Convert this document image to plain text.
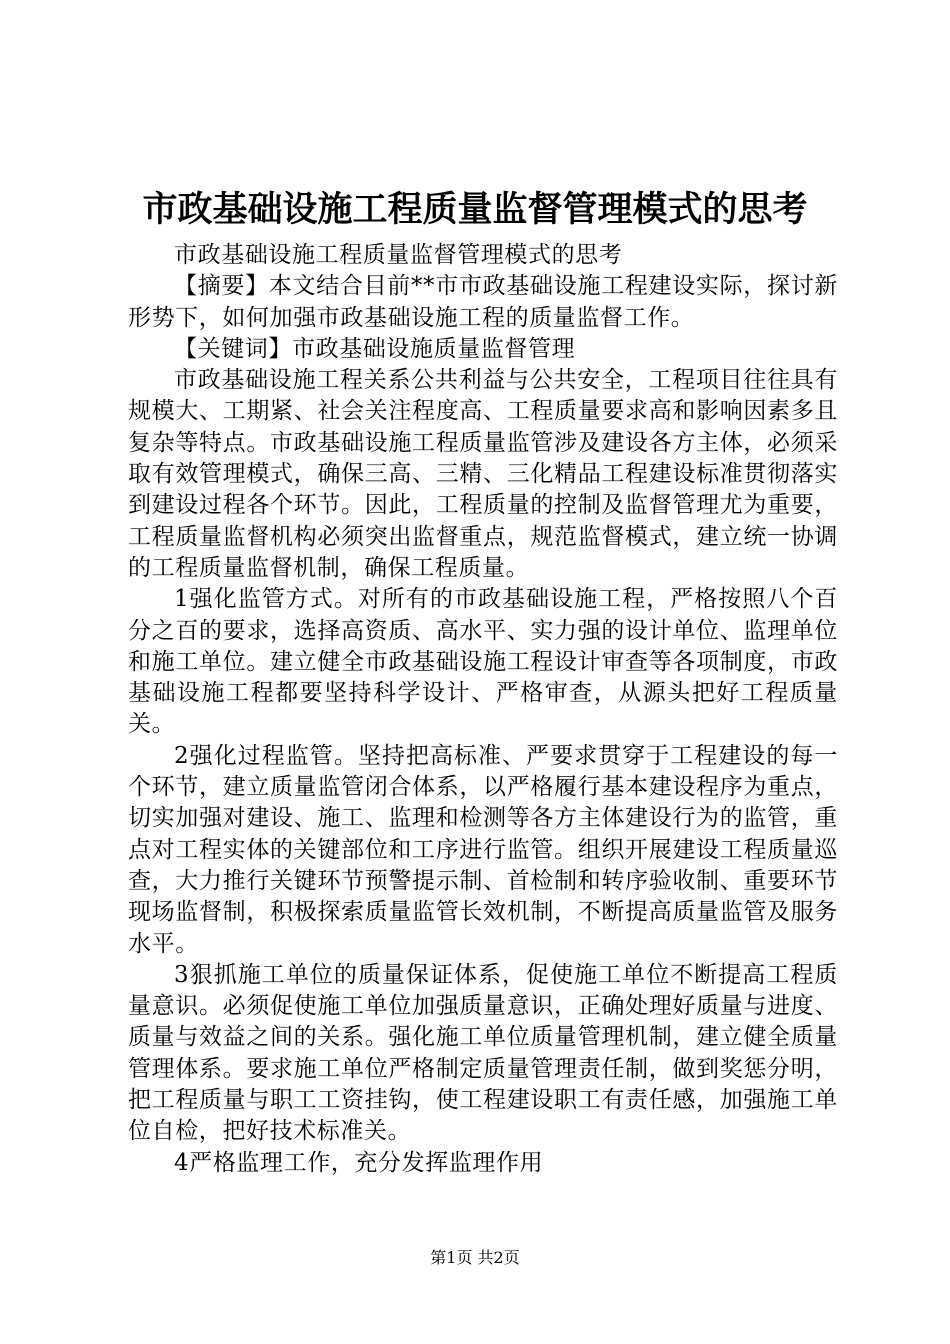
市政基础设施工程质量监督管理模式的思考

市政基础设施工程质量监督管理模式的思考

【摘要】本文结合目前**市市政基础设施工程建设实际，探讨新形势下，如何加强市政基础设施工程的质量监督工作。

【关键词】市政基础设施质量监督管理

市政基础设施工程关系公共利益与公共安全，工程项目往往具有规模大、工期紧、社会关注程度高、工程质量要求高和影响因素多且复杂等特点。市政基础设施工程质量监管涉及建设各方主体，必须采取有效管理模式，确保三高、三精、三化精品工程建设标准贯彻落实到建设过程各个环节。因此，工程质量的控制及监督管理尤为重要，工程质量监督机构必须突出监督重点，规范监督模式，建立统一协调的工程质量监督机制，确保工程质量。

1强化监管方式。对所有的市政基础设施工程，严格按照八个百分之百的要求，选择高资质、高水平、实力强的设计单位、监理单位和施工单位。建立健全市政基础设施工程设计审查等各项制度，市政基础设施工程都要坚持科学设计、严格审查，从源头把好工程质量关。

2强化过程监管。坚持把高标准、严要求贯穿于工程建设的每一个环节，建立质量监管闭合体系，以严格履行基本建设程序为重点，切实加强对建设、施工、监理和检测等各方主体建设行为的监管，重点对工程实体的关键部位和工序进行监管。组织开展建设工程质量巡查，大力推行关键环节预警提示制、首检制和转序验收制、重要环节现场监督制，积极探索质量监管长效机制，不断提高质量监管及服务水平。

3狠抓施工单位的质量保证体系，促使施工单位不断提高工程质量意识。必须促使施工单位加强质量意识，正确处理好质量与进度、质量与效益之间的关系。强化施工单位质量管理机制，建立健全质量管理体系。要求施工单位严格制定质量管理责任制，做到奖惩分明，把工程质量与职工工资挂钩，使工程建设职工有责任感，加强施工单位自检，把好技术标准关。

4严格监理工作，充分发挥监理作用

第1页 共2页
